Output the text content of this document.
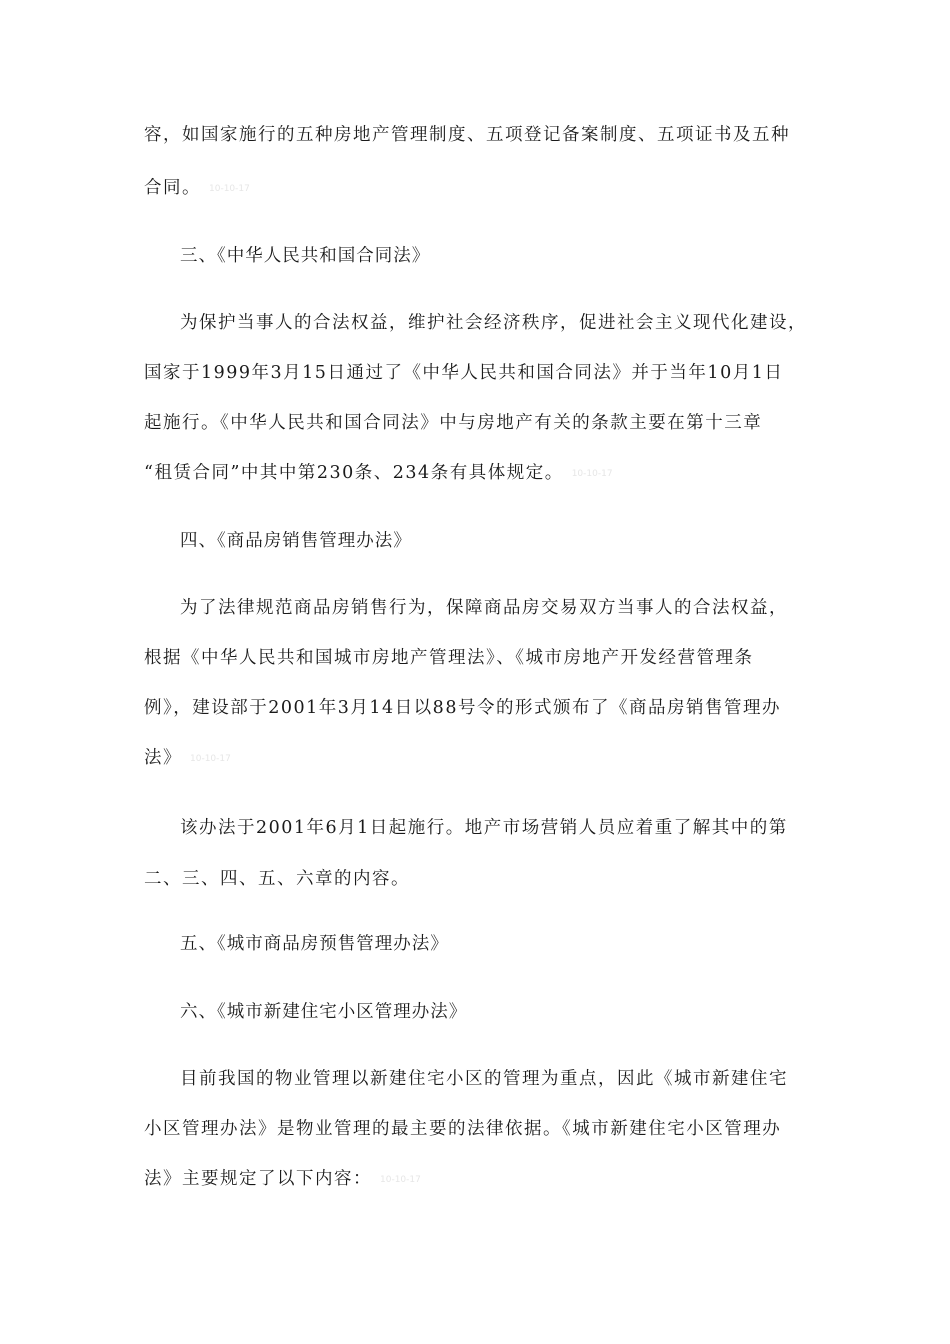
容，如国家施行的五种房地产管理制度、五项登记备案制度、五项证书及五种
合同。 10-10-17
三、《中华人民共和国合同法》
为保护当事人的合法权益，维护社会经济秩序，促进社会主义现代化建设，
国家于1999年3月15日通过了《中华人民共和国合同法》并于当年10月1日
起施行。《中华人民共和国合同法》中与房地产有关的条款主要在第十三章
“租赁合同”中其中第230条、234条有具体规定。 10-10-17
四、《商品房销售管理办法》
为了法律规范商品房销售行为，保障商品房交易双方当事人的合法权益，
根据《中华人民共和国城市房地产管理法》、《城市房地产开发经营管理条
例》，建设部于2001年3月14日以88号令的形式颁布了《商品房销售管理办
法》 10-10-17
该办法于2001年6月1日起施行。地产市场营销人员应着重了解其中的第
二、三、四、五、六章的内容。
五、《城市商品房预售管理办法》
六、《城市新建住宅小区管理办法》
目前我国的物业管理以新建住宅小区的管理为重点，因此《城市新建住宅
小区管理办法》是物业管理的最主要的法律依据。《城市新建住宅小区管理办
法》主要规定了以下内容： 10-10-17
